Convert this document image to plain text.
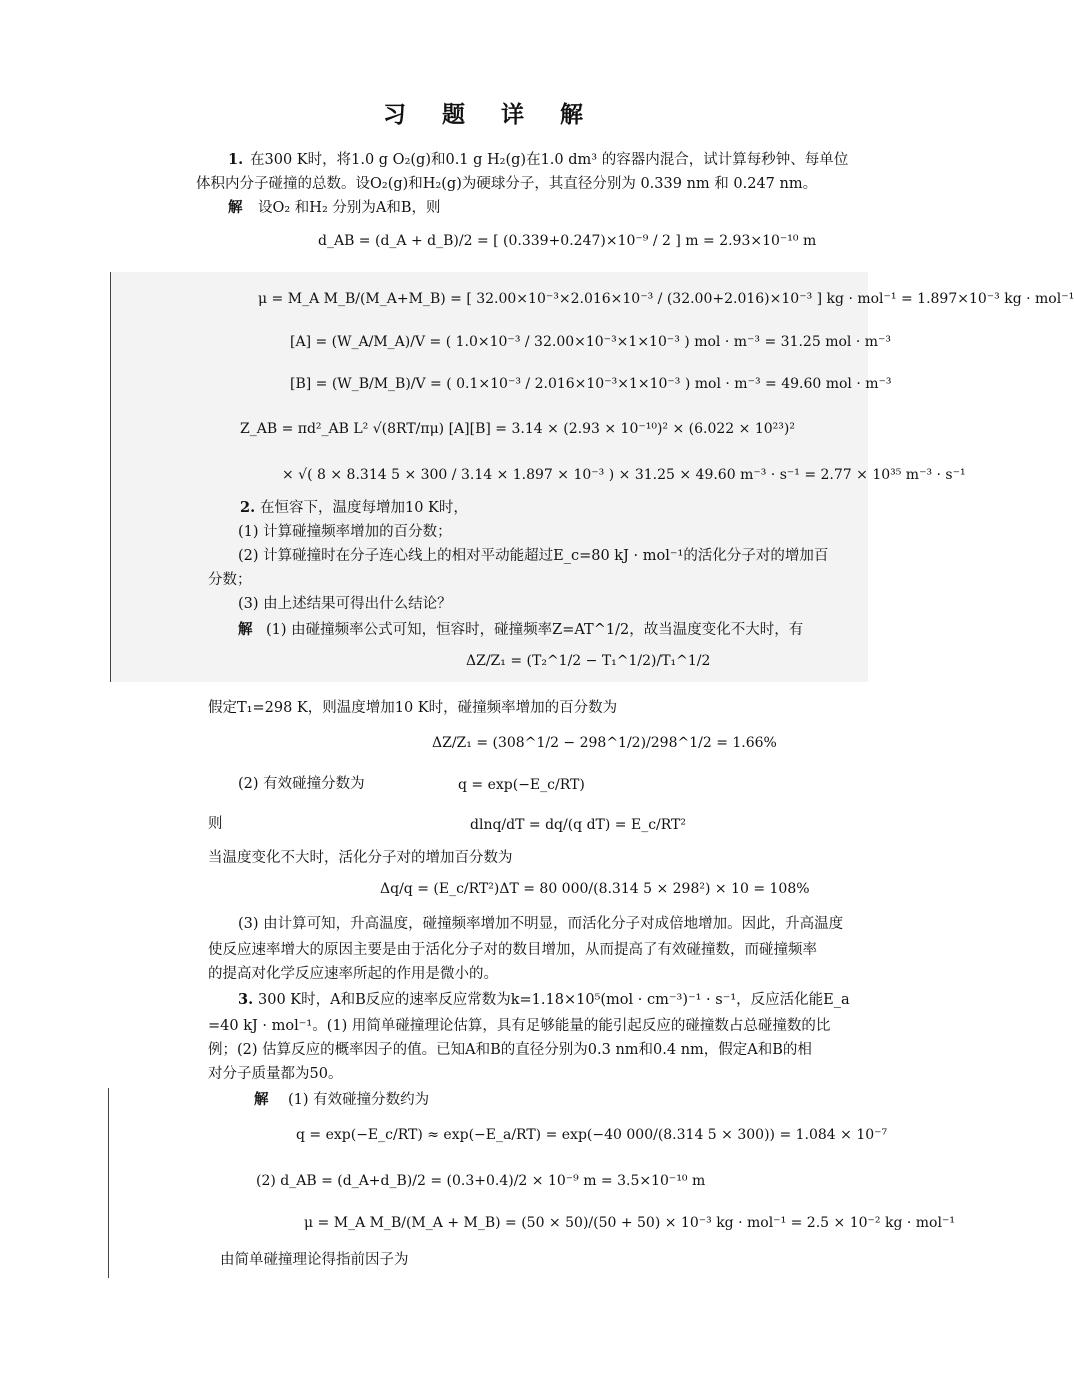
习 题 详 解
1. 在300 K时，将1.0 g O₂(g)和0.1 g H₂(g)在1.0 dm³ 的容器内混合，试计算每秒钟、每单位
体积内分子碰撞的总数。设O₂(g)和H₂(g)为硬球分子，其直径分别为 0.339 nm 和 0.247 nm。
解 设O₂ 和H₂ 分别为A和B，则
d_AB = (d_A + d_B)/2 = [ (0.339+0.247)×10⁻⁹ / 2 ] m = 2.93×10⁻¹⁰ m
μ = M_A M_B/(M_A+M_B) = [ 32.00×10⁻³×2.016×10⁻³ / (32.00+2.016)×10⁻³ ] kg · mol⁻¹ = 1.897×10⁻³ kg · mol⁻¹
[A] = (W_A/M_A)/V = ( 1.0×10⁻³ / 32.00×10⁻³×1×10⁻³ ) mol · m⁻³ = 31.25 mol · m⁻³
[B] = (W_B/M_B)/V = ( 0.1×10⁻³ / 2.016×10⁻³×1×10⁻³ ) mol · m⁻³ = 49.60 mol · m⁻³
Z_AB = πd²_AB L² √(8RT/πμ) [A][B] = 3.14 × (2.93 × 10⁻¹⁰)² × (6.022 × 10²³)²
× √( 8 × 8.314 5 × 300 / 3.14 × 1.897 × 10⁻³ ) × 31.25 × 49.60 m⁻³ · s⁻¹ = 2.77 × 10³⁵ m⁻³ · s⁻¹
2. 在恒容下，温度每增加10 K时，
(1) 计算碰撞频率增加的百分数；
(2) 计算碰撞时在分子连心线上的相对平动能超过E_c=80 kJ · mol⁻¹的活化分子对的增加百
分数；
(3) 由上述结果可得出什么结论？
解 (1) 由碰撞频率公式可知，恒容时，碰撞频率Z=AT^1/2，故当温度变化不大时，有
ΔZ/Z₁ = (T₂^1/2 − T₁^1/2)/T₁^1/2
假定T₁=298 K，则温度增加10 K时，碰撞频率增加的百分数为
ΔZ/Z₁ = (308^1/2 − 298^1/2)/298^1/2 = 1.66%
(2) 有效碰撞分数为	q = exp(−E_c/RT)
则	dlnq/dT = dq/(q dT) = E_c/RT²
当温度变化不大时，活化分子对的增加百分数为
Δq/q = (E_c/RT²)ΔT = 80 000/(8.314 5 × 298²) × 10 = 108%
(3) 由计算可知，升高温度，碰撞频率增加不明显，而活化分子对成倍地增加。因此，升高温度
使反应速率增大的原因主要是由于活化分子对的数目增加，从而提高了有效碰撞数，而碰撞频率
的提高对化学反应速率所起的作用是微小的。
3. 300 K时，A和B反应的速率反应常数为k=1.18×10⁵(mol · cm⁻³)⁻¹ · s⁻¹，反应活化能E_a
=40 kJ · mol⁻¹。(1) 用简单碰撞理论估算，具有足够能量的能引起反应的碰撞数占总碰撞数的比
例；(2) 估算反应的概率因子的值。已知A和B的直径分别为0.3 nm和0.4 nm，假定A和B的相
对分子质量都为50。
解 (1) 有效碰撞分数约为
q = exp(−E_c/RT) ≈ exp(−E_a/RT) = exp(−40 000/(8.314 5 × 300)) = 1.084 × 10⁻⁷
(2) d_AB = (d_A+d_B)/2 = (0.3+0.4)/2 × 10⁻⁹ m = 3.5×10⁻¹⁰ m
μ = M_A M_B/(M_A + M_B) = (50 × 50)/(50 + 50) × 10⁻³ kg · mol⁻¹ = 2.5 × 10⁻² kg · mol⁻¹
由简单碰撞理论得指前因子为
